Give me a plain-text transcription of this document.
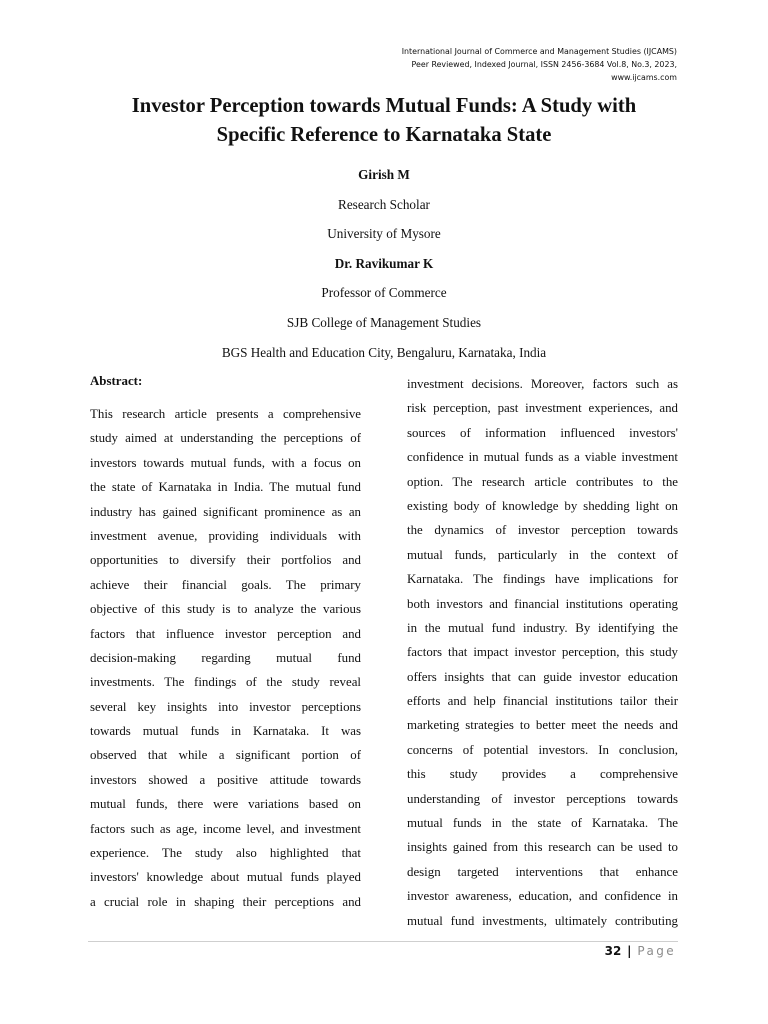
International Journal of Commerce and Management Studies (IJCAMS)
Peer Reviewed, Indexed Journal, ISSN 2456-3684 Vol.8, No.3, 2023,
www.ijcams.com
Investor Perception towards Mutual Funds: A Study with
Specific Reference to Karnataka State
Girish M
Research Scholar
University of Mysore
Dr. Ravikumar K
Professor of Commerce
SJB College of Management Studies
BGS Health and Education City, Bengaluru, Karnataka, India
Abstract:
This research article presents a comprehensive
study aimed at understanding the perceptions of
investors towards mutual funds, with a focus on
the state of Karnataka in India. The mutual fund
industry has gained significant prominence as an
investment avenue, providing individuals with
opportunities to diversify their portfolios and
achieve their financial goals. The primary
objective of this study is to analyze the various
factors that influence investor perception and
decision-making regarding mutual fund
investments. The findings of the study reveal
several key insights into investor perceptions
towards mutual funds in Karnataka. It was
observed that while a significant portion of
investors showed a positive attitude towards
mutual funds, there were variations based on
factors such as age, income level, and investment
experience. The study also highlighted that
investors' knowledge about mutual funds played
a crucial role in shaping their perceptions and
investment decisions. Moreover, factors such as
risk perception, past investment experiences, and
sources of information influenced investors'
confidence in mutual funds as a viable investment
option. The research article contributes to the
existing body of knowledge by shedding light on
the dynamics of investor perception towards
mutual funds, particularly in the context of
Karnataka. The findings have implications for
both investors and financial institutions operating
in the mutual fund industry. By identifying the
factors that impact investor perception, this study
offers insights that can guide investor education
efforts and help financial institutions tailor their
marketing strategies to better meet the needs and
concerns of potential investors. In conclusion,
this study provides a comprehensive
understanding of investor perceptions towards
mutual funds in the state of Karnataka. The
insights gained from this research can be used to
design targeted interventions that enhance
investor awareness, education, and confidence in
mutual fund investments, ultimately contributing
32 | Page
